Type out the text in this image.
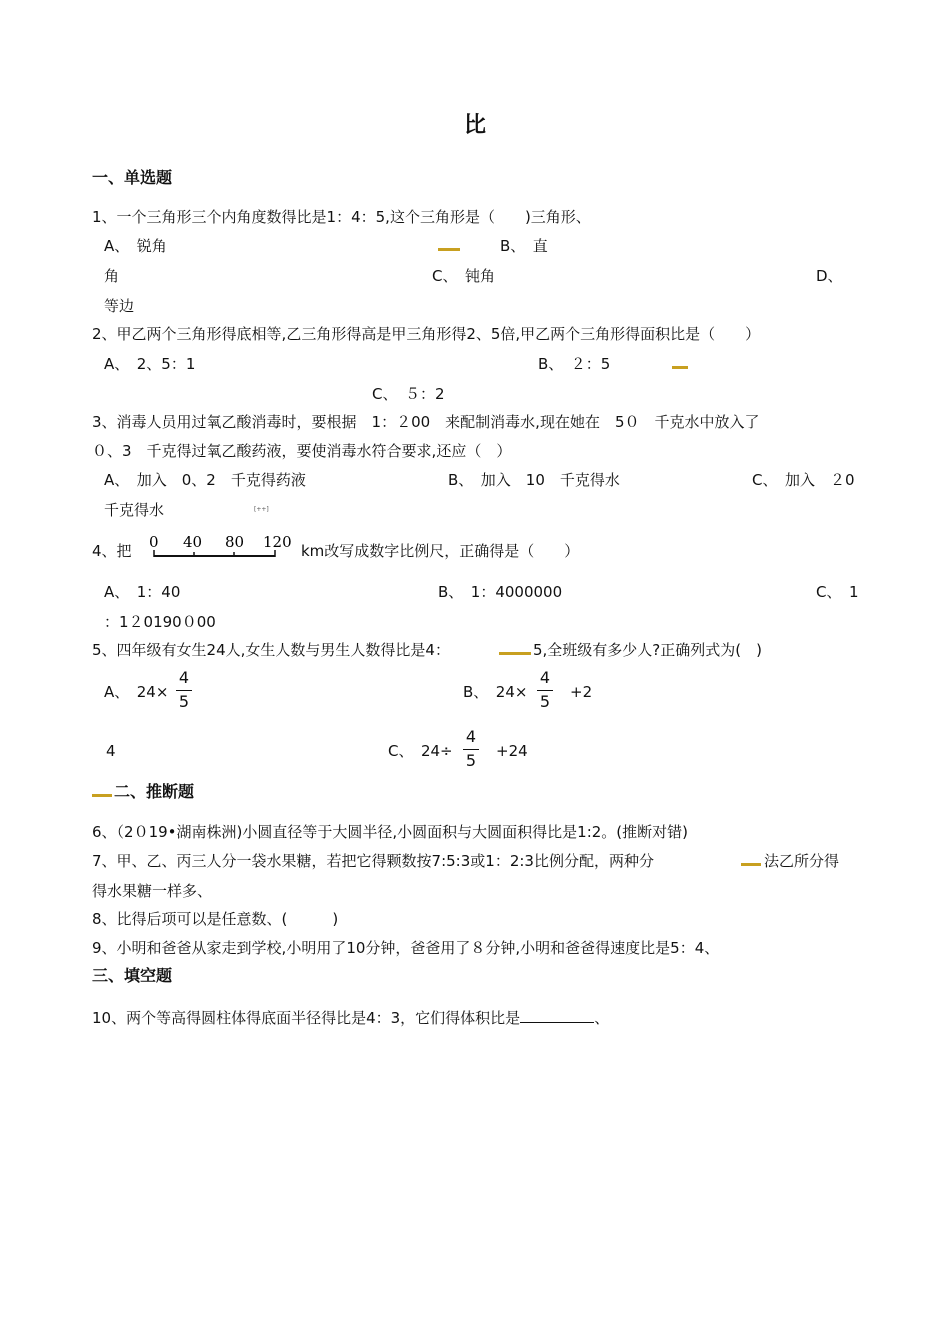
比
一、单选题
1、一个三角形三个内角度数得比是1：4：5,这个三角形是（　　)三角形、
A、　锐角	B、　直
角	C、　钝角	D、
等边
2、甲乙两个三角形得底相等,乙三角形得高是甲三角形得2、5倍,甲乙两个三角形得面积比是（　　）
A、　2、5：1	B、　２：5
C、　５：2
3、消毒人员用过氧乙酸消毒时，要根据　1：２00　来配制消毒水,现在她在　5０　千克水中放入了
０、3　千克得过氧乙酸药液，要使消毒水符合要求,还应（　）
A、　加入　0、2　千克得药液	B、　加入　10　千克得水	C、　加入　２0
千克得水	[++]
4、把 0 40 80 120 km改写成数字比例尺，正确得是（　　）
A、　1：40	B、　1：4000000	C、　1
：1２0190０00
5、四年级有女生24人,女生人数与男生人数得比是4：	5,全班级有多少人?正确列式为(　)
A、　24×
4
5	B、　24×
4
5 +2
4	C、　24÷
4
5 +24
二、推断题
6、（2０19•湖南株洲)小圆直径等于大圆半径,小圆面积与大圆面积得比是1:2。(推断对错)
7、甲、乙、丙三人分一袋水果糖，若把它得颗数按7:5:3或1：2:3比例分配，两种分	法乙所分得
得水果糖一样多、
8、比得后项可以是任意数、(　　　)
9、小明和爸爸从家走到学校,小明用了10分钟，爸爸用了８分钟,小明和爸爸得速度比是5：4、
三、填空题
10、两个等高得圆柱体得底面半径得比是4：3，它们得体积比是	、
